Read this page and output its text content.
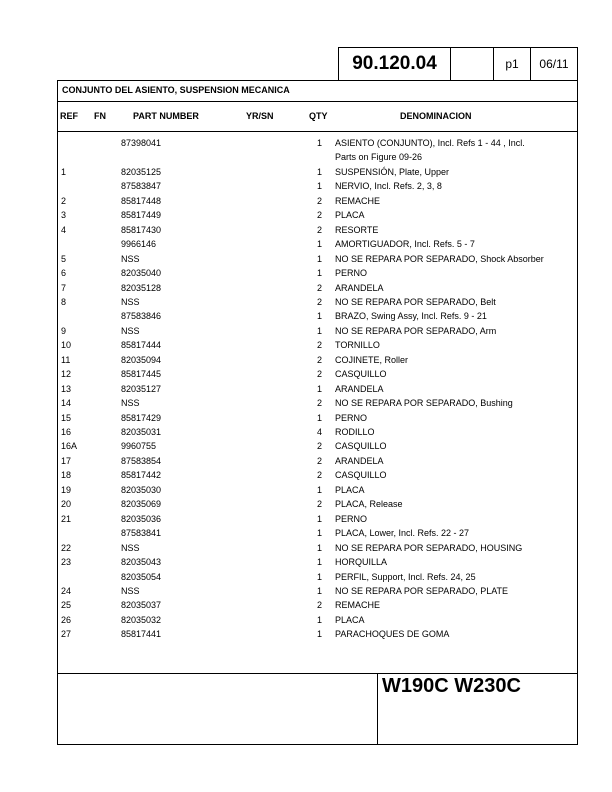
90.120.04	p1	06/11
CONJUNTO DEL ASIENTO, SUSPENSION MECANICA
REF FN	PART NUMBER	YR/SN	QTY	DENOMINACION
87398041	1 ASIENTO (CONJUNTO), Incl. Refs 1 - 44 , Incl.
Parts on Figure 09-26
1	82035125	1 SUSPENSIÓN, Plate, Upper
87583847	1 NERVIO, Incl. Refs. 2, 3, 8
2	85817448	2 REMACHE
3	85817449	2 PLACA
4	85817430	2 RESORTE
9966146	1 AMORTIGUADOR, Incl. Refs. 5 - 7
5	NSS	1 NO SE REPARA POR SEPARADO, Shock Absorber
6	82035040	1 PERNO
7	82035128	2 ARANDELA
8	NSS	2 NO SE REPARA POR SEPARADO, Belt
87583846	1 BRAZO, Swing Assy, Incl. Refs. 9 - 21
9	NSS	1 NO SE REPARA POR SEPARADO, Arm
10	85817444	2 TORNILLO
11	82035094	2 COJINETE, Roller
12	85817445	2 CASQUILLO
13	82035127	1 ARANDELA
14	NSS	2 NO SE REPARA POR SEPARADO, Bushing
15	85817429	1 PERNO
16	82035031	4 RODILLO
16A	9960755	2 CASQUILLO
17	87583854	2 ARANDELA
18	85817442	2 CASQUILLO
19	82035030	1 PLACA
20	82035069	2 PLACA, Release
21	82035036	1 PERNO
87583841	1 PLACA, Lower, Incl. Refs. 22 - 27
22	NSS	1 NO SE REPARA POR SEPARADO, HOUSING
23	82035043	1 HORQUILLA
82035054	1 PERFIL, Support, Incl. Refs. 24, 25
24	NSS	1 NO SE REPARA POR SEPARADO, PLATE
25	82035037	2 REMACHE
26	82035032	1 PLACA
27	85817441	1 PARACHOQUES DE GOMA
W190C W230C
